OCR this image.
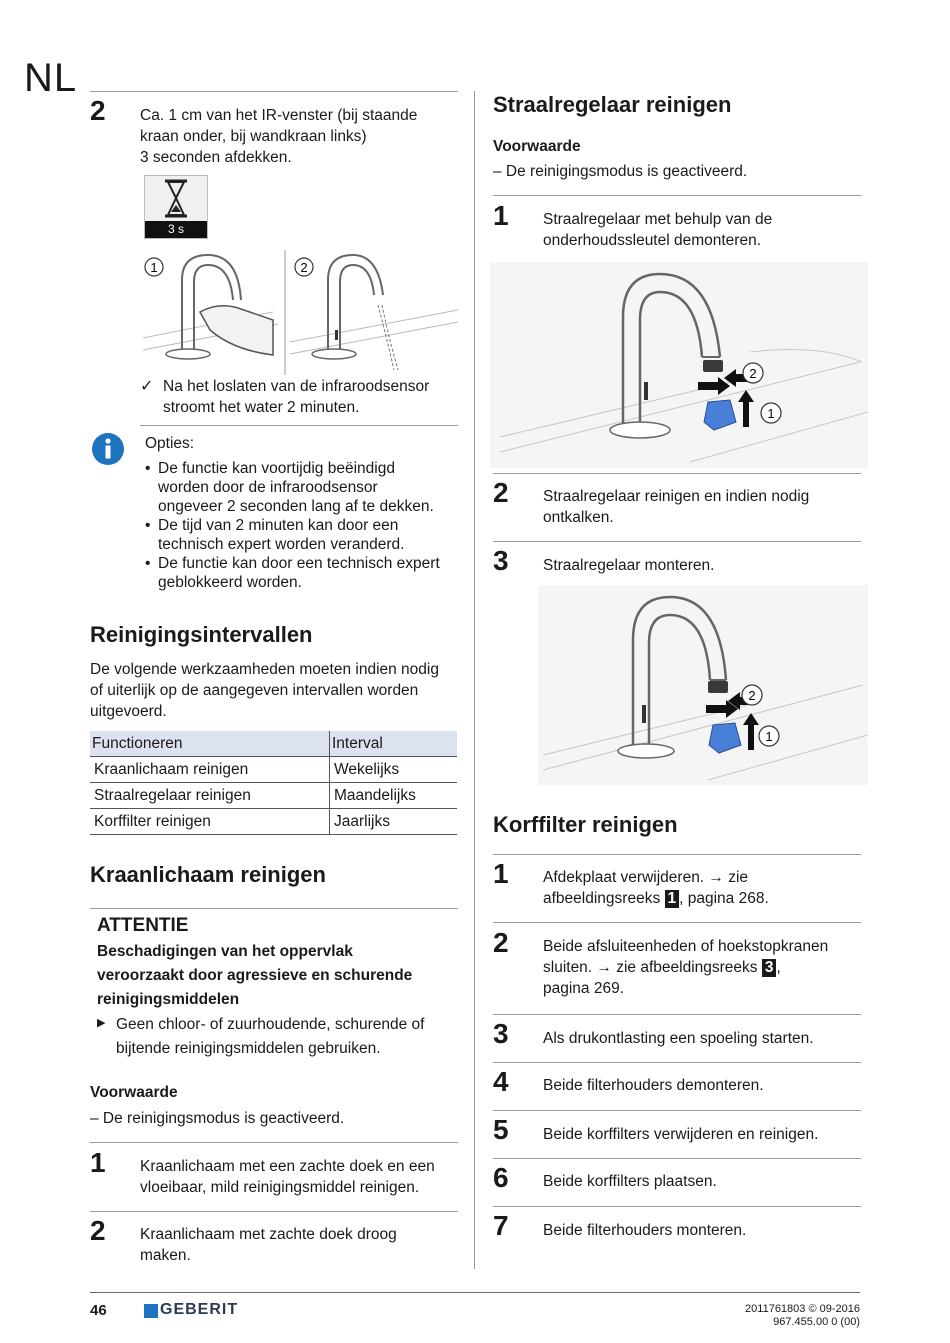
NL
2 Ca. 1 cm van het IR-venster (bij staande
kraan onder, bij wandkraan links)
3 seconden afdekken.
3 s
1	2
✓ Na het loslaten van de infraroodsensor
stroomt het water 2 minuten.
Opties:
• De functie kan voortijdig beëindigd
worden door de infraroodsensor
ongeveer 2 seconden lang af te dekken.
• De tijd van 2 minuten kan door een
technisch expert worden veranderd.
• De functie kan door een technisch expert
geblokkeerd worden.
Reinigingsintervallen
De volgende werkzaamheden moeten indien nodig
of uiterlijk op de aangegeven intervallen worden
uitgevoerd.
Functioneren	Interval
Kraanlichaam reinigen	Wekelijks
Straalregelaar reinigen	Maandelijks
Korffilter reinigen	Jaarlijks
Kraanlichaam reinigen
ATTENTIE
Beschadigingen van het oppervlak
veroorzaakt door agressieve en schurende
reinigingsmiddelen
▶ Geen chloor- of zuurhoudende, schurende of
bijtende reinigingsmiddelen gebruiken.
Voorwaarde
– De reinigingsmodus is geactiveerd.
1 Kraanlichaam met een zachte doek en een
vloeibaar, mild reinigingsmiddel reinigen.
2 Kraanlichaam met zachte doek droog
maken.
Straalregelaar reinigen
Voorwaarde
– De reinigingsmodus is geactiveerd.
1 Straalregelaar met behulp van de
onderhoudssleutel demonteren.
2
1
2 Straalregelaar reinigen en indien nodig
ontkalken.
3 Straalregelaar monteren.
2
1
Korffilter reinigen
1 Afdekplaat verwijderen. → zie
afbeeldingsreeks 1 , pagina 268.
2 Beide afsluiteenheden of hoekstopkranen
sluiten. → zie afbeeldingsreeks 3 ,
pagina 269.
3 Als drukontlasting een spoeling starten.
4 Beide filterhouders demonteren.
5 Beide korffilters verwijderen en reinigen.
6 Beide korffilters plaatsen.
7 Beide filterhouders monteren.
46	GEBERIT	2011761803 © 09-2016
967.455.00 0 (00)
